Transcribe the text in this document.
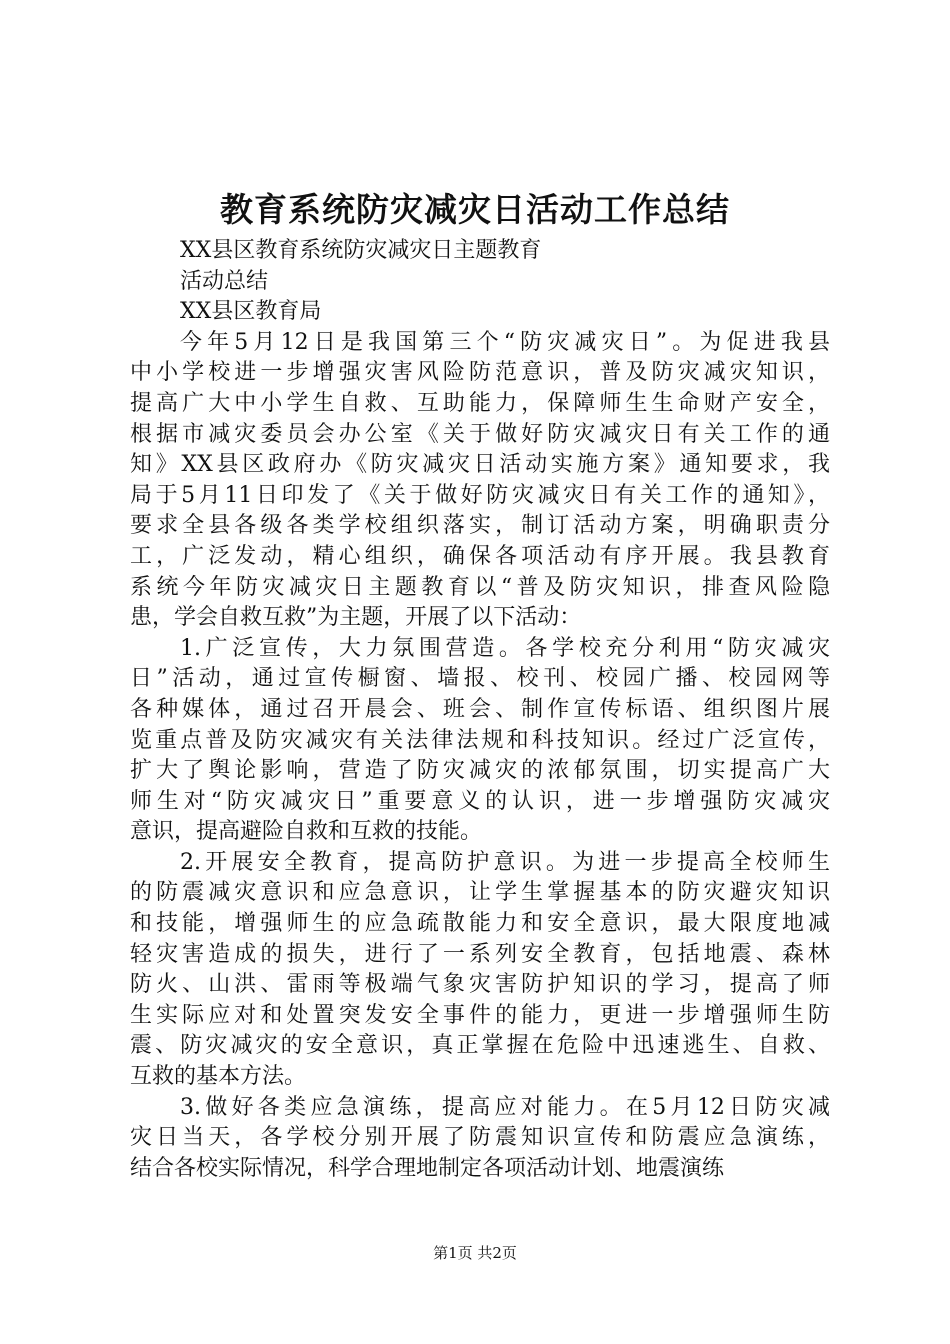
教育系统防灾减灾日活动工作总结

XX县区教育系统防灾减灾日主题教育

活动总结

XX县区教育局

今年5月12日是我国第三个“防灾减灾日”。为促进我县

中小学校进一步增强灾害风险防范意识，普及防灾减灾知识，

提高广大中小学生自救、互助能力，保障师生生命财产安全，

根据市减灾委员会办公室《关于做好防灾减灾日有关工作的通

知》XX县区政府办《防灾减灾日活动实施方案》通知要求，我

局于5月11日印发了《关于做好防灾减灾日有关工作的通知》，

要求全县各级各类学校组织落实，制订活动方案，明确职责分

工，广泛发动，精心组织，确保各项活动有序开展。我县教育

系统今年防灾减灾日主题教育以“普及防灾知识，排查风险隐

患，学会自救互救”为主题，开展了以下活动：

1.广泛宣传，大力氛围营造。各学校充分利用“防灾减灾

日”活动，通过宣传橱窗、墙报、校刊、校园广播、校园网等

各种媒体，通过召开晨会、班会、制作宣传标语、组织图片展

览重点普及防灾减灾有关法律法规和科技知识。经过广泛宣传，

扩大了舆论影响，营造了防灾减灾的浓郁氛围，切实提高广大

师生对“防灾减灾日”重要意义的认识，进一步增强防灾减灾

意识，提高避险自救和互救的技能。

2.开展安全教育，提高防护意识。为进一步提高全校师生

的防震减灾意识和应急意识，让学生掌握基本的防灾避灾知识

和技能，增强师生的应急疏散能力和安全意识，最大限度地减

轻灾害造成的损失，进行了一系列安全教育，包括地震、森林

防火、山洪、雷雨等极端气象灾害防护知识的学习，提高了师

生实际应对和处置突发安全事件的能力，更进一步增强师生防

震、防灾减灾的安全意识，真正掌握在危险中迅速逃生、自救、

互救的基本方法。

3.做好各类应急演练，提高应对能力。在5月12日防灾减

灾日当天，各学校分别开展了防震知识宣传和防震应急演练，

结合各校实际情况，科学合理地制定各项活动计划、地震演练

第1页 共2页
